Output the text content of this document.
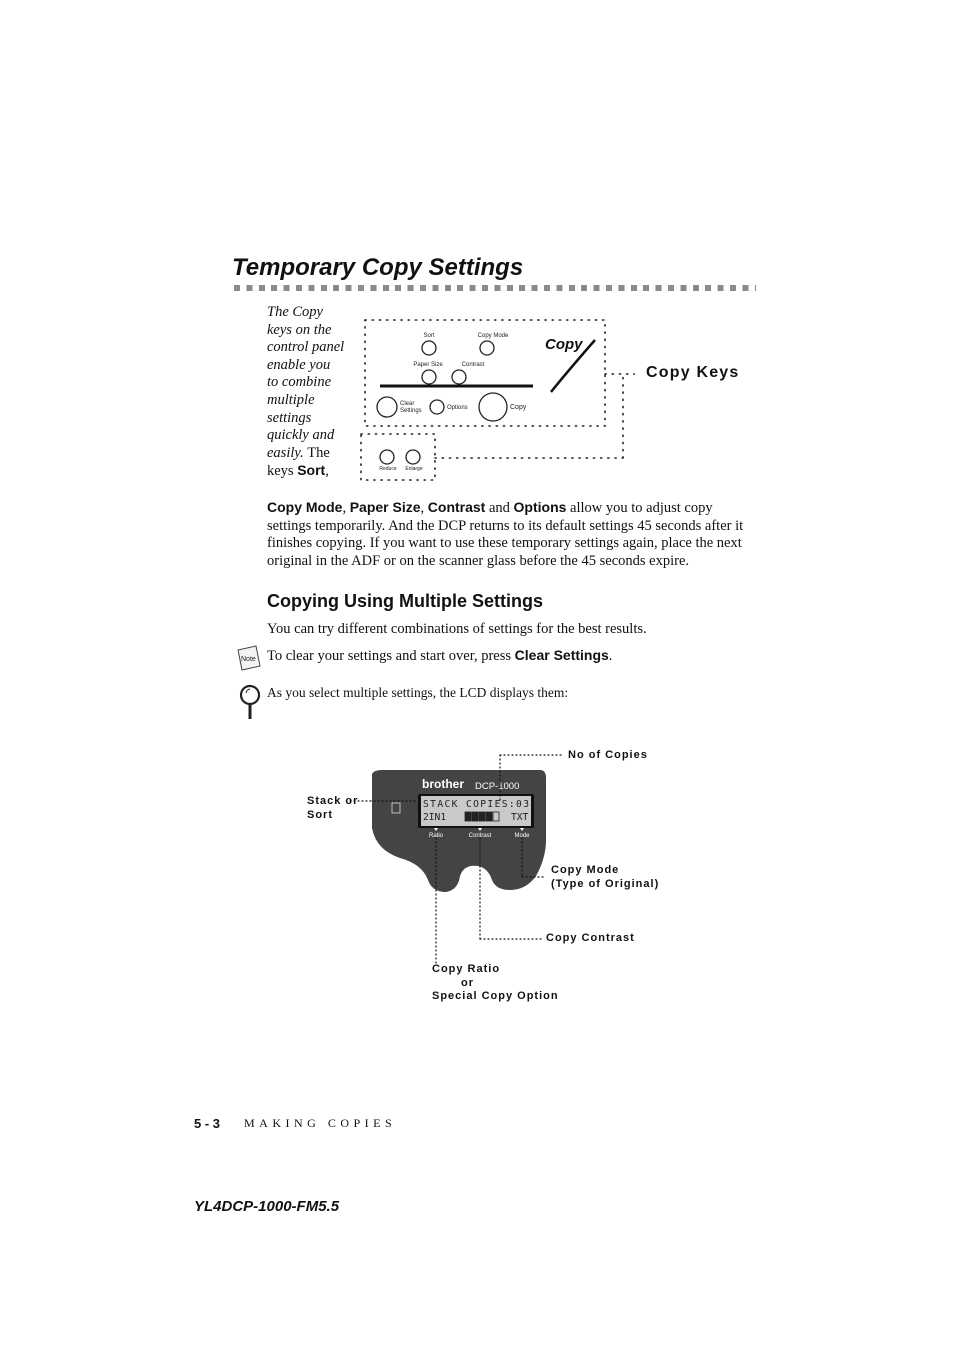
Temporary Copy Settings
The Copy keys on the control panel enable you to combine multiple settings quickly and easily. The keys Sort,
Copy Mode, Paper Size, Contrast and Options allow you to adjust copy settings temporarily. And the DCP returns to its default settings 45 seconds after it finishes copying. If you want to use these temporary settings again, place the next original in the ADF or on the scanner glass before the 45 seconds expire.
Sort	Copy Mode
Paper Size	Contrast
Clear
Settings	Options	Copy
Reduce Enlarge
Copy
Copy Keys
Copying Using Multiple Settings
You can try different combinations of settings for the best results.
Note To clear your settings and start over, press Clear Settings.
As you select multiple settings, the LCD displays them:
brother DCP-1000
STACK COPIES:03
2IN1	TXT
Ratio	Contrast	Mode
No of Copies
Stack or
Sort
Copy Mode
(Type of Original)
Copy Contrast
Copy Ratio
or
Special Copy Option
5 - 3 MAKING COPIES
YL4DCP-1000-FM5.5
